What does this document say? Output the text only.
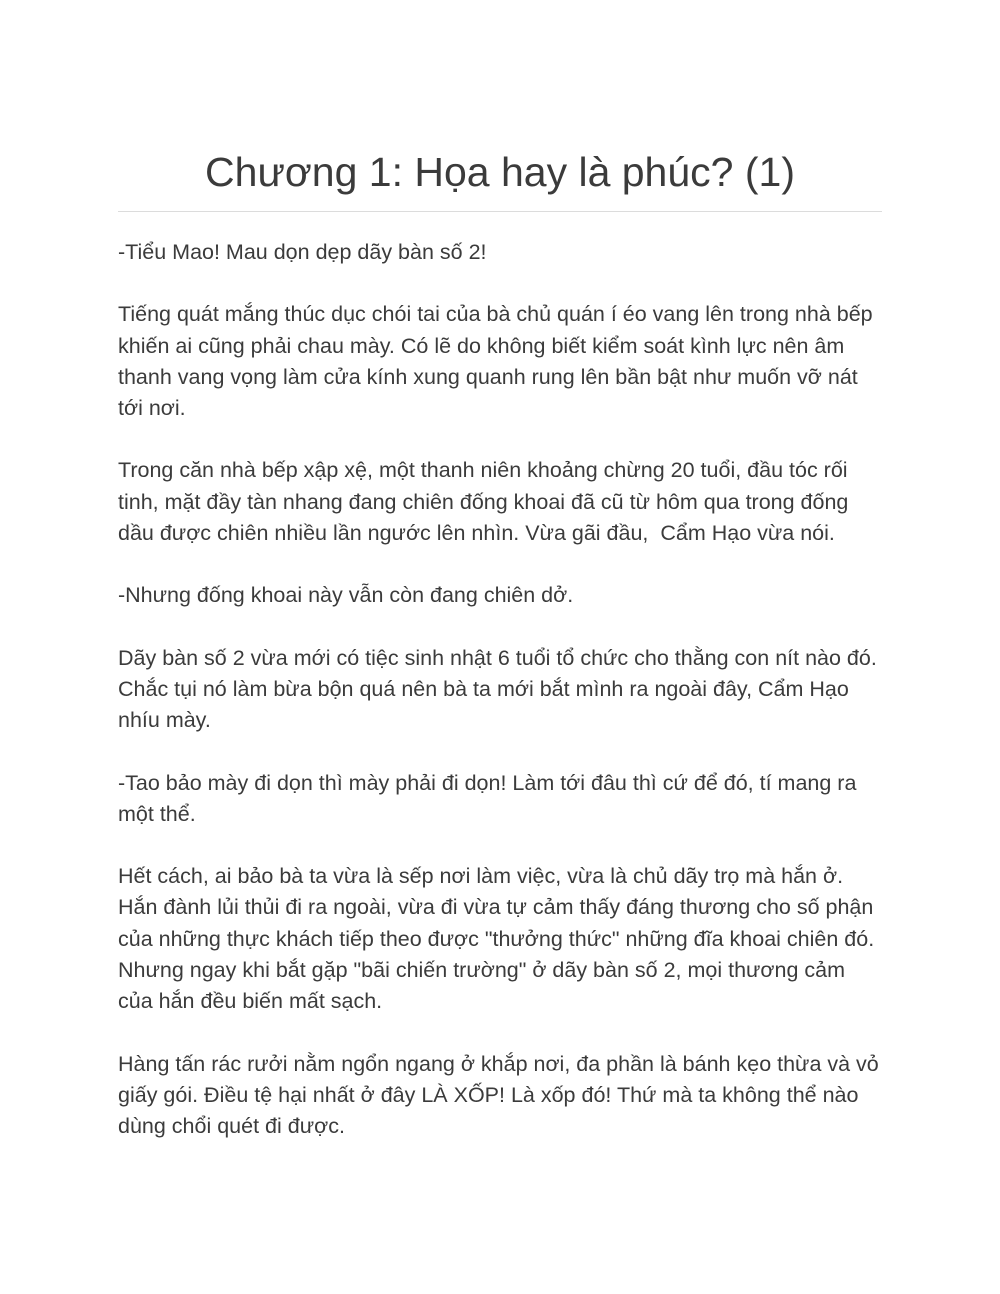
Chương 1: Họa hay là phúc? (1)

-Tiểu Mao! Mau dọn dẹp dãy bàn số 2!

Tiếng quát mắng thúc dục chói tai của bà chủ quán í éo vang lên trong nhà bếp khiến ai cũng phải chau mày. Có lẽ do không biết kiểm soát kình lực nên âm thanh vang vọng làm cửa kính xung quanh rung lên bần bật như muốn vỡ nát tới nơi.

Trong căn nhà bếp xập xệ, một thanh niên khoảng chừng 20 tuổi, đầu tóc rối tinh, mặt đầy tàn nhang đang chiên đống khoai đã cũ từ hôm qua trong đống dầu được chiên nhiều lần ngước lên nhìn. Vừa gãi đầu,  Cẩm Hạo vừa nói.

-Nhưng đống khoai này vẫn còn đang chiên dở.

Dãy bàn số 2 vừa mới có tiệc sinh nhật 6 tuổi tổ chức cho thằng con nít nào đó. Chắc tụi nó làm bừa bộn quá nên bà ta mới bắt mình ra ngoài đây, Cẩm Hạo nhíu mày.

-Tao bảo mày đi dọn thì mày phải đi dọn! Làm tới đâu thì cứ để đó, tí mang ra một thể.

Hết cách, ai bảo bà ta vừa là sếp nơi làm việc, vừa là chủ dãy trọ mà hắn ở. Hắn đành lủi thủi đi ra ngoài, vừa đi vừa tự cảm thấy đáng thương cho số phận của những thực khách tiếp theo được "thưởng thức" những đĩa khoai chiên đó. Nhưng ngay khi bắt gặp "bãi chiến trường" ở dãy bàn số 2, mọi thương cảm của hắn đều biến mất sạch.

Hàng tấn rác rưởi nằm ngổn ngang ở khắp nơi, đa phần là bánh kẹo thừa và vỏ giấy gói. Điều tệ hại nhất ở đây LÀ XỐP! Là xốp đó! Thứ mà ta không thể nào dùng chổi quét đi được.
